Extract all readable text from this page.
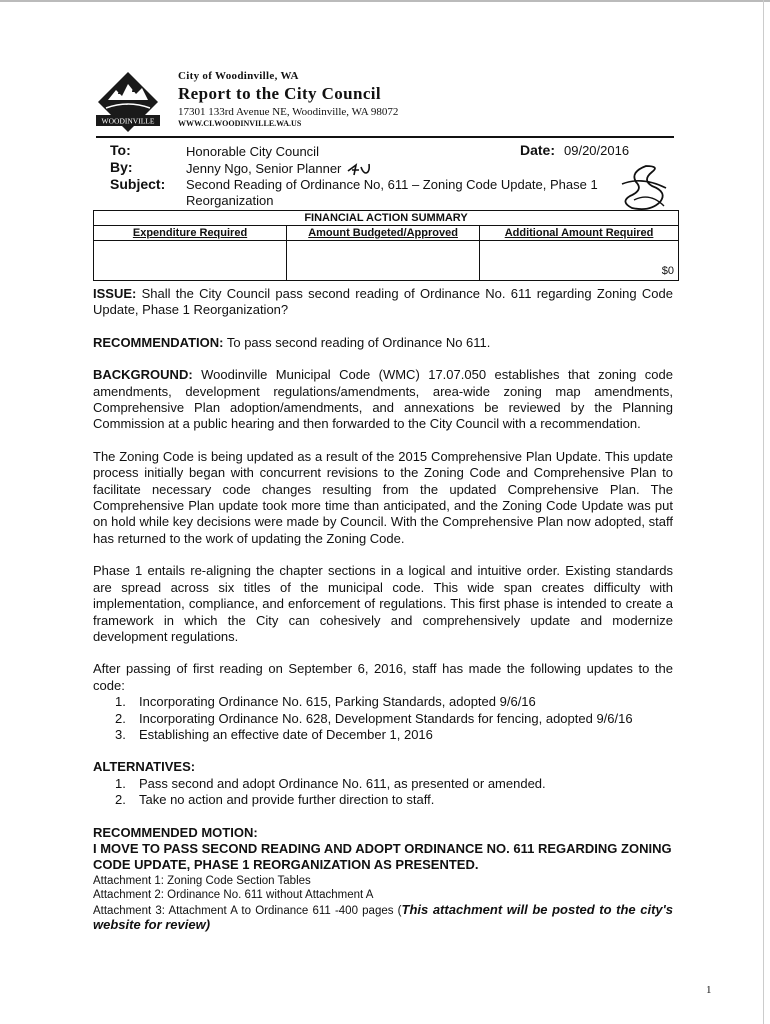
WOODINVILLE
City of Woodinville, WA
Report to the City Council
17301 133rd Avenue NE, Woodinville, WA 98072
WWW.CI.WOODINVILLE.WA.US
To:	Honorable City Council
By:	Jenny Ngo, Senior Planner
Subject:	Second Reading of Ordinance No, 611 – Zoning Code Update, Phase 1 Reorganization
Date: 09/20/2016
FINANCIAL ACTION SUMMARY		
Expenditure Required	Amount Budgeted/Approved	Additional Amount Required
		$0

ISSUE: Shall the City Council pass second reading of Ordinance No. 611 regarding Zoning Code Update, Phase 1 Reorganization?

RECOMMENDATION: To pass second reading of Ordinance No 611.

BACKGROUND: Woodinville Municipal Code (WMC) 17.07.050 establishes that zoning code amendments, development regulations/amendments, area-wide zoning map amendments, Comprehensive Plan adoption/amendments, and annexations be reviewed by the Planning Commission at a public hearing and then forwarded to the City Council with a recommendation.

The Zoning Code is being updated as a result of the 2015 Comprehensive Plan Update. This update process initially began with concurrent revisions to the Zoning Code and Comprehensive Plan to facilitate necessary code changes resulting from the updated Comprehensive Plan. The Comprehensive Plan update took more time than anticipated, and the Zoning Code Update was put on hold while key decisions were made by Council. With the Comprehensive Plan now adopted, staff has returned to the work of updating the Zoning Code.

Phase 1 entails re-aligning the chapter sections in a logical and intuitive order. Existing standards are spread across six titles of the municipal code. This wide span creates difficulty with implementation, compliance, and enforcement of regulations. This first phase is intended to create a framework in which the City can cohesively and comprehensively update and modernize development regulations.

After passing of first reading on September 6, 2016, staff has made the following updates to the code:

1. Incorporating Ordinance No. 615, Parking Standards, adopted 9/6/16
2. Incorporating Ordinance No. 628, Development Standards for fencing, adopted 9/6/16
3. Establishing an effective date of December 1, 2016

ALTERNATIVES:

1. Pass second and adopt Ordinance No. 611, as presented or amended.
2. Take no action and provide further direction to staff.

RECOMMENDED MOTION:

I MOVE TO PASS SECOND READING AND ADOPT ORDINANCE NO. 611 REGARDING ZONING CODE UPDATE, PHASE 1 REORGANIZATION AS PRESENTED.

Attachment 1: Zoning Code Section Tables
Attachment 2: Ordinance No. 611 without Attachment A
Attachment 3: Attachment A to Ordinance 611 -400 pages (This attachment will be posted to the city's website for review)
1
